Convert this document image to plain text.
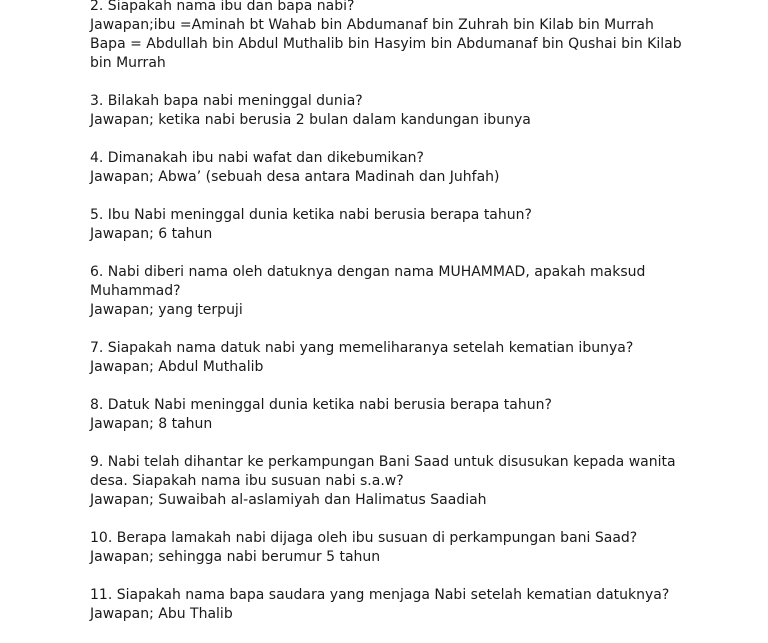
2. Siapakah nama ibu dan bapa nabi?
Jawapan;ibu =Aminah bt Wahab bin Abdumanaf bin Zuhrah bin Kilab bin Murrah
Bapa = Abdullah bin Abdul Muthalib bin Hasyim bin Abdumanaf bin Qushai bin Kilab
bin Murrah
3. Bilakah bapa nabi meninggal dunia?
Jawapan; ketika nabi berusia 2 bulan dalam kandungan ibunya
4. Dimanakah ibu nabi wafat dan dikebumikan?
Jawapan; Abwa’ (sebuah desa antara Madinah dan Juhfah)
5. Ibu Nabi meninggal dunia ketika nabi berusia berapa tahun?
Jawapan; 6 tahun
6. Nabi diberi nama oleh datuknya dengan nama MUHAMMAD, apakah maksud
Muhammad?
Jawapan; yang terpuji
7. Siapakah nama datuk nabi yang memeliharanya setelah kematian ibunya?
Jawapan; Abdul Muthalib
8. Datuk Nabi meninggal dunia ketika nabi berusia berapa tahun?
Jawapan; 8 tahun
9. Nabi telah dihantar ke perkampungan Bani Saad untuk disusukan kepada wanita
desa. Siapakah nama ibu susuan nabi s.a.w?
Jawapan; Suwaibah al-aslamiyah dan Halimatus Saadiah
10. Berapa lamakah nabi dijaga oleh ibu susuan di perkampungan bani Saad?
Jawapan; sehingga nabi berumur 5 tahun
11. Siapakah nama bapa saudara yang menjaga Nabi setelah kematian datuknya?
Jawapan; Abu Thalib
